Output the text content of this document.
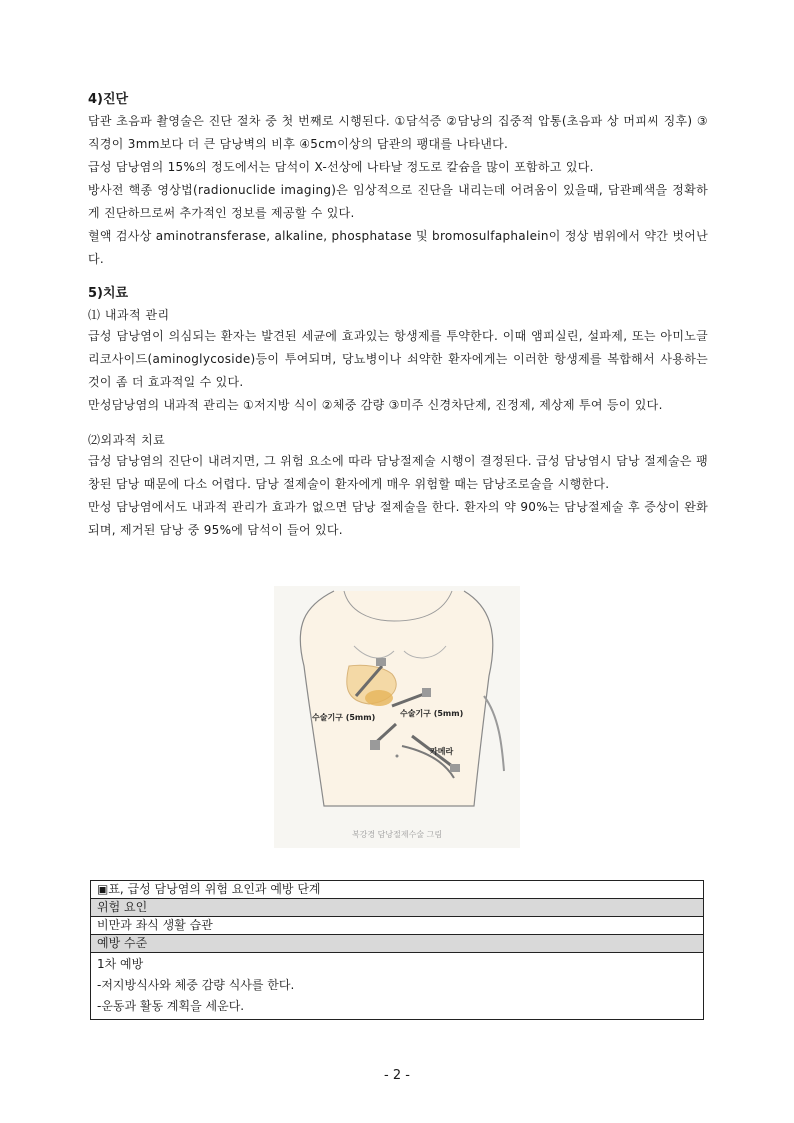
4)진단

담관 초음파 촬영술은 진단 절차 중 첫 번째로 시행된다. ①담석증 ②담낭의 집중적 압통(초음파 상 머피씨 징후) ③직경이 3mm보다 더 큰 담낭벽의 비후 ④5cm이상의 담관의 팽대를 나타낸다.

급성 담낭염의 15%의 정도에서는 담석이 X-선상에 나타날 정도로 칼슘을 많이 포함하고 있다.

방사전 핵종 영상법(radionuclide imaging)은 임상적으로 진단을 내리는데 어려움이 있을때, 담관폐색을 정확하게 진단하므로써 추가적인 정보를 제공할 수 있다.

혈액 검사상 aminotransferase, alkaline, phosphatase 및 bromosulfaphalein이 정상 범위에서 약간 벗어난다.

5)치료

⑴ 내과적 관리

급성 담낭염이 의심되는 환자는 발견된 세균에 효과있는 항생제를 투약한다. 이때 앰피실린, 설파제, 또는 아미노글리코사이드(aminoglycoside)등이 투여되며, 당뇨병이나 쇠약한 환자에게는 이러한 항생제를 복합해서 사용하는 것이 좀 더 효과적일 수 있다.

만성담낭염의 내과적 관리는 ①저지방 식이 ②체중 감량 ③미주 신경차단제, 진정제, 제상제 투여 등이 있다.

⑵외과적 치료

급성 담낭염의 진단이 내려지면, 그 위험 요소에 따라 담낭절제술 시행이 결정된다. 급성 담낭염시 담낭 절제술은 팽창된 담낭 때문에 다소 어렵다. 담낭 절제술이 환자에게 매우 위험할 때는 담낭조로술을 시행한다.

만성 담낭염에서도 내과적 관리가 효과가 없으면 담낭 절제술을 한다. 환자의 약 90%는 담낭절제술 후 증상이 완화되며, 제거된 담낭 중 95%에 담석이 들어 있다.

수술기구 (5mm)	수술기구 (5mm)
카메라
복강경 담낭절제수술 그림
▣표, 급성 담낭염의 위험 요인과 예방 단계
위험 요인
비만과 좌식 생활 습관
예방 수준
1차 예방
-저지방식사와 체중 감량 식사를 한다.
-운동과 활동 계획을 세운다.
- 2 -
